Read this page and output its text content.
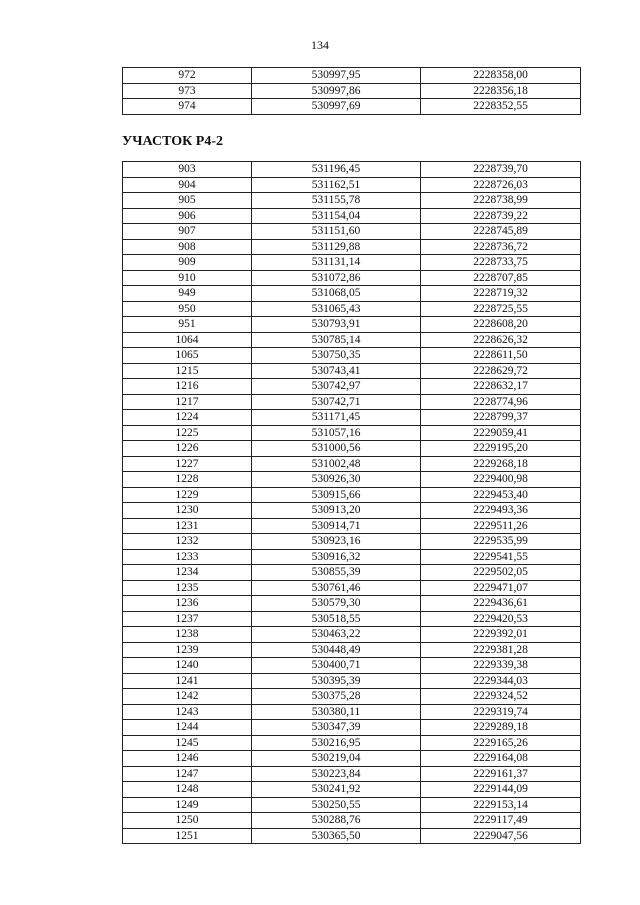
134
972	530997,95	2228358,00
973	530997,86	2228356,18
974	530997,69	2228352,55
УЧАСТОК Р4-2
903	531196,45	2228739,70
904	531162,51	2228726,03
905	531155,78	2228738,99
906	531154,04	2228739,22
907	531151,60	2228745,89
908	531129,88	2228736,72
909	531131,14	2228733,75
910	531072,86	2228707,85
949	531068,05	2228719,32
950	531065,43	2228725,55
951	530793,91	2228608,20
1064	530785,14	2228626,32
1065	530750,35	2228611,50
1215	530743,41	2228629,72
1216	530742,97	2228632,17
1217	530742,71	2228774,96
1224	531171,45	2228799,37
1225	531057,16	2229059,41
1226	531000,56	2229195,20
1227	531002,48	2229268,18
1228	530926,30	2229400,98
1229	530915,66	2229453,40
1230	530913,20	2229493,36
1231	530914,71	2229511,26
1232	530923,16	2229535,99
1233	530916,32	2229541,55
1234	530855,39	2229502,05
1235	530761,46	2229471,07
1236	530579,30	2229436,61
1237	530518,55	2229420,53
1238	530463,22	2229392,01
1239	530448,49	2229381,28
1240	530400,71	2229339,38
1241	530395,39	2229344,03
1242	530375,28	2229324,52
1243	530380,11	2229319,74
1244	530347,39	2229289,18
1245	530216,95	2229165,26
1246	530219,04	2229164,08
1247	530223,84	2229161,37
1248	530241,92	2229144,09
1249	530250,55	2229153,14
1250	530288,76	2229117,49
1251	530365,50	2229047,56
